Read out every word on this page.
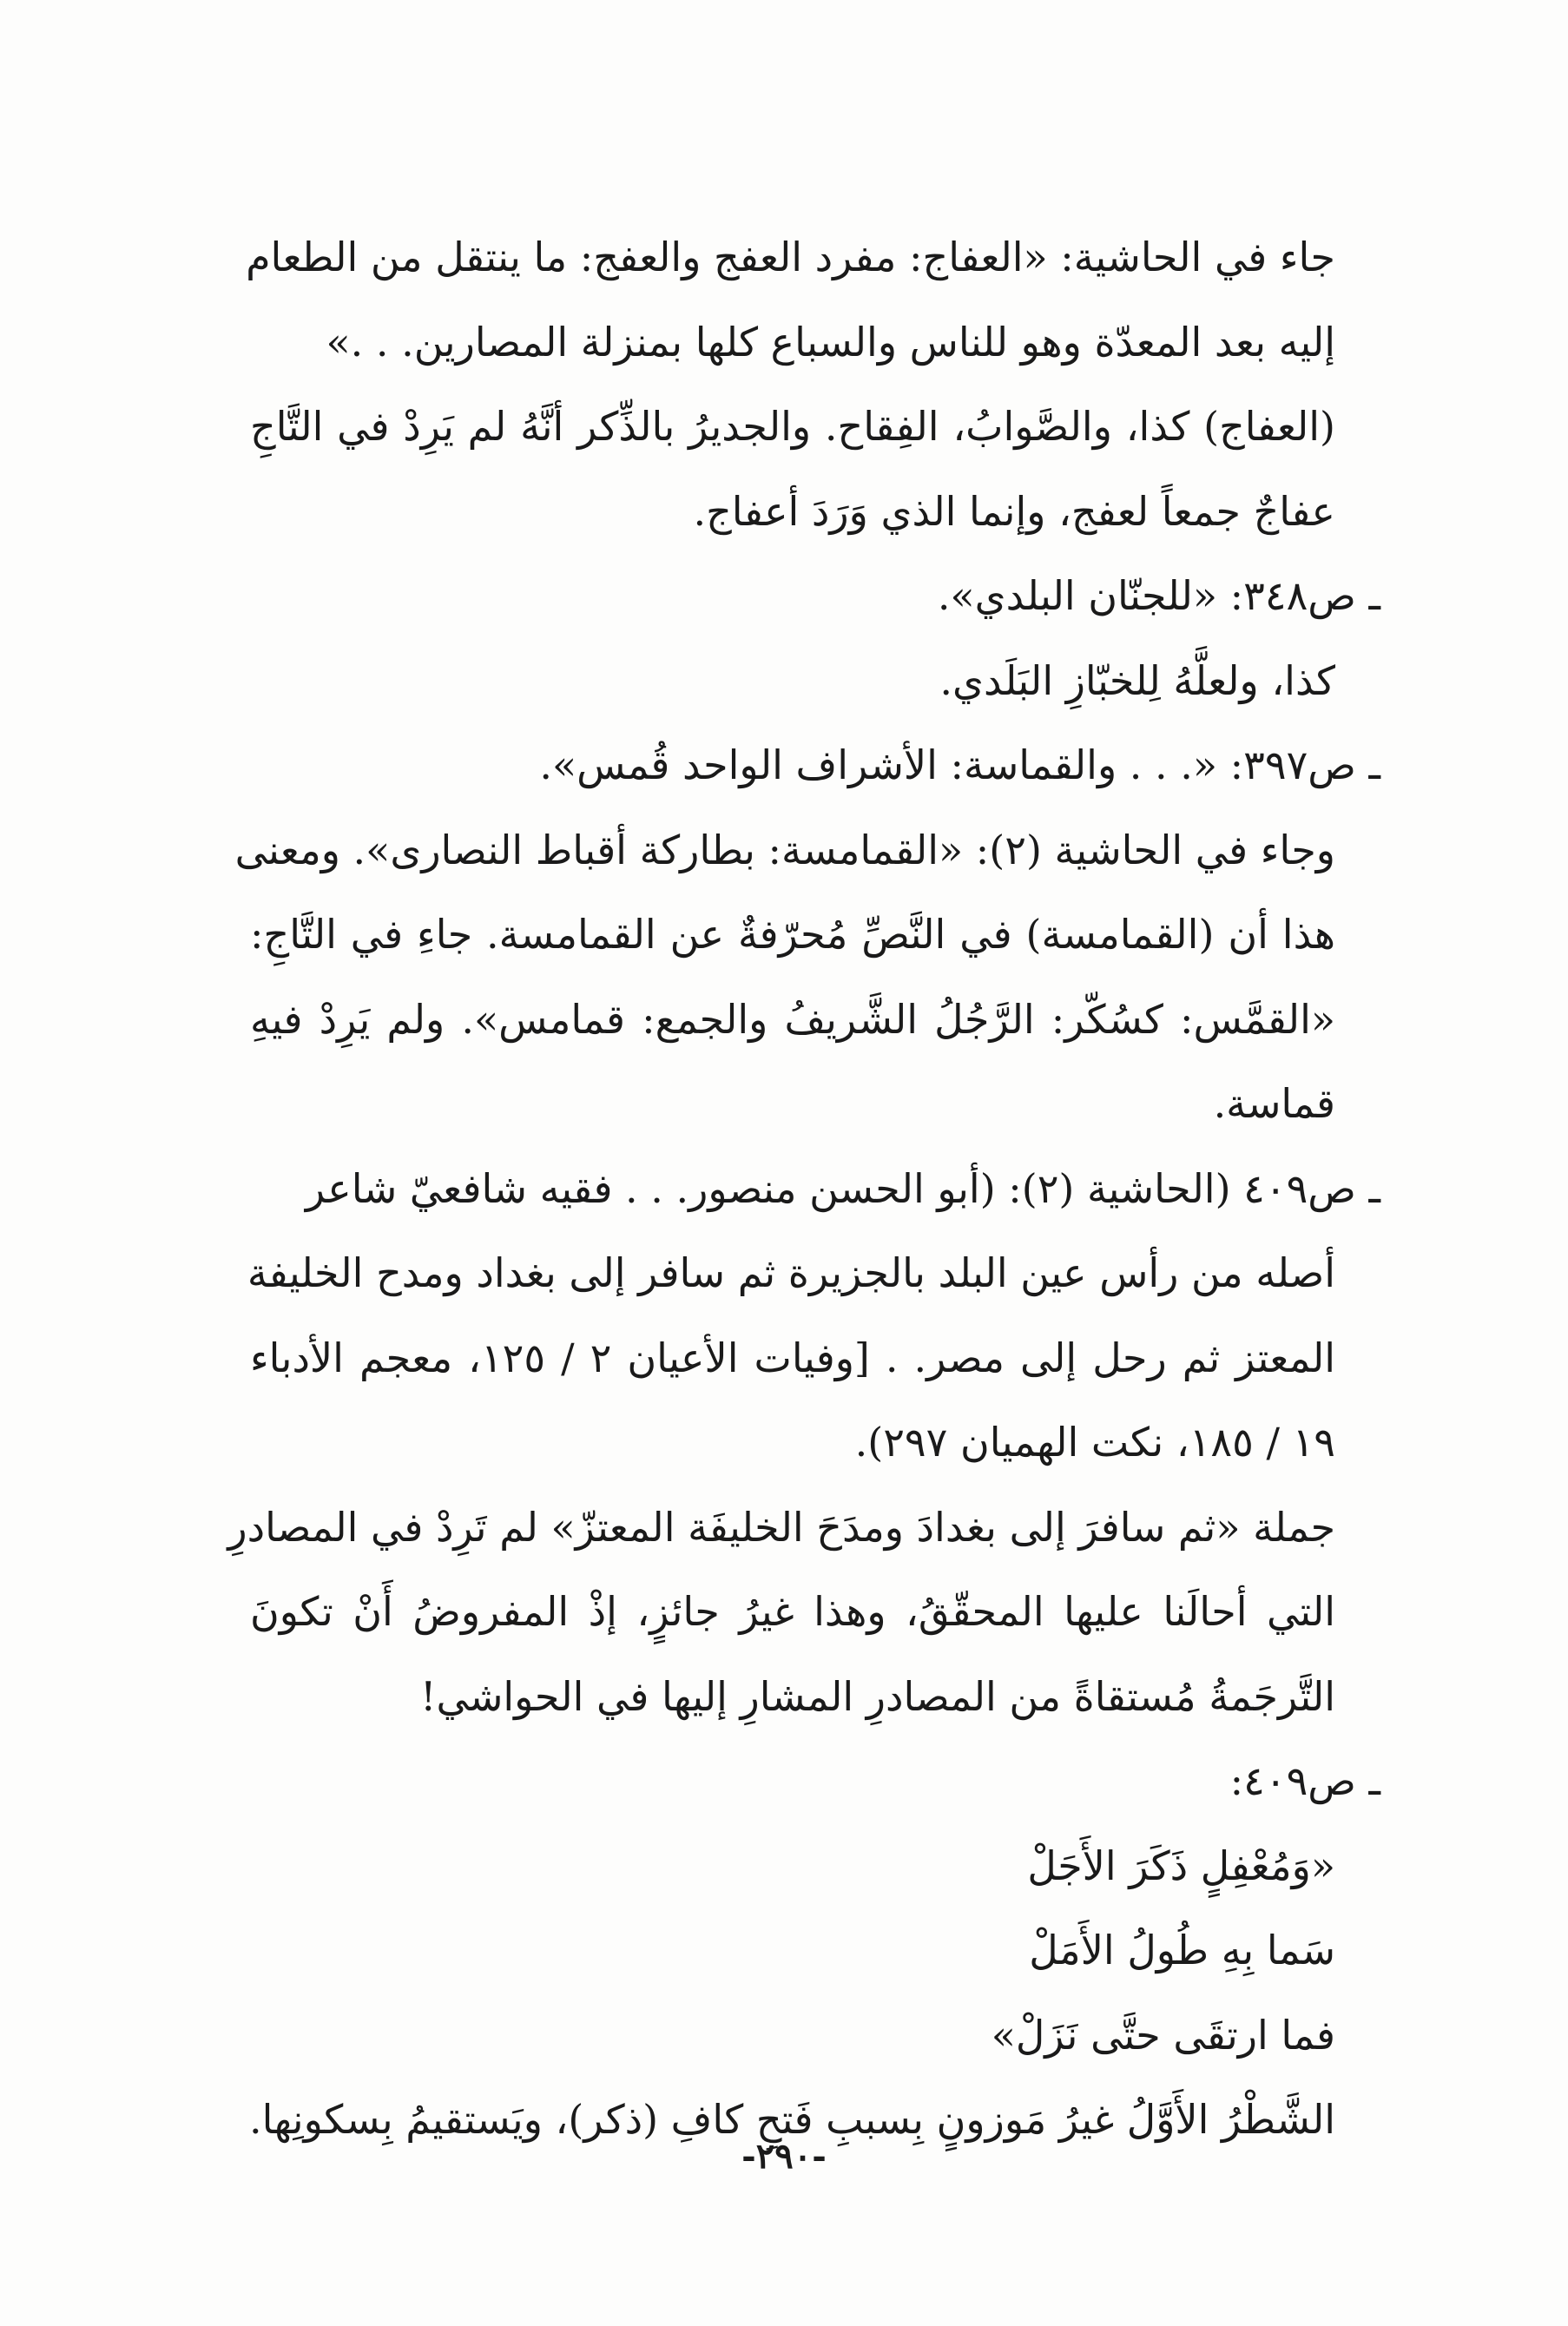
جاء في الحاشية: «العفاج: مفرد العفج والعفج: ما ينتقل من الطعام
إليه بعد المعدّة وهو للناس والسباع كلها بمنزلة المصارين. . .»
(العفاج) كذا، والصَّوابُ، الفِقاح. والجديرُ بالذِّكر أنَّهُ لم يَرِدْ في التَّاجِ
عفاجٌ جمعاً لعفج، وإنما الذي وَرَدَ أعفاج.
ـ ص٣٤٨: «للجنّان البلدي».
كذا، ولعلَّهُ لِلخبّازِ البَلَدي.
ـ ص٣٩٧: «. . . والقماسة: الأشراف الواحد قُمس».
وجاء في الحاشية (٢): «القمامسة: بطاركة أقباط النصارى». ومعنى
هذا أن (القمامسة) في النَّصِّ مُحرّفةٌ عن القمامسة. جاءِ في التَّاجِ:
«القمَّس: كسُكّر: الرَّجُلُ الشَّريفُ والجمع: قمامس». ولم يَرِدْ فيهِ
قماسة.
ـ ص٤٠٩ (الحاشية (٢): (أبو الحسن منصور. . . فقيه شافعيّ شاعر
أصله من رأس عين البلد بالجزيرة ثم سافر إلى بغداد ومدح الخليفة
المعتز ثم رحل إلى مصر. . [وفيات الأعيان ٢ / ١٢٥، معجم الأدباء
١٩ / ١٨٥، نكت الهميان ٢٩٧).
جملة «ثم سافرَ إلى بغدادَ ومدَحَ الخليفَة المعتزّ» لم تَرِدْ في المصادرِ
التي أحالَنا عليها المحقّقُ، وهذا غيرُ جائزٍ، إذْ المفروضُ أَنْ تكونَ
التَّرجَمةُ مُستقاةً من المصادرِ المشارِ إليها في الحواشي!
ـ ص٤٠٩:
«وَمُعْفِلٍ ذَكَرَ الأَجَلْ
سَما بِهِ طُولُ الأَمَلْ
فما ارتقَى حتَّى نَزَلْ»
الشَّطْرُ الأَوَّلُ غيرُ مَوزونٍ بِسببِ فَتحِ كافِ (ذكر)، ويَستقيمُ بِسكونِها.
-٢٩٠-
